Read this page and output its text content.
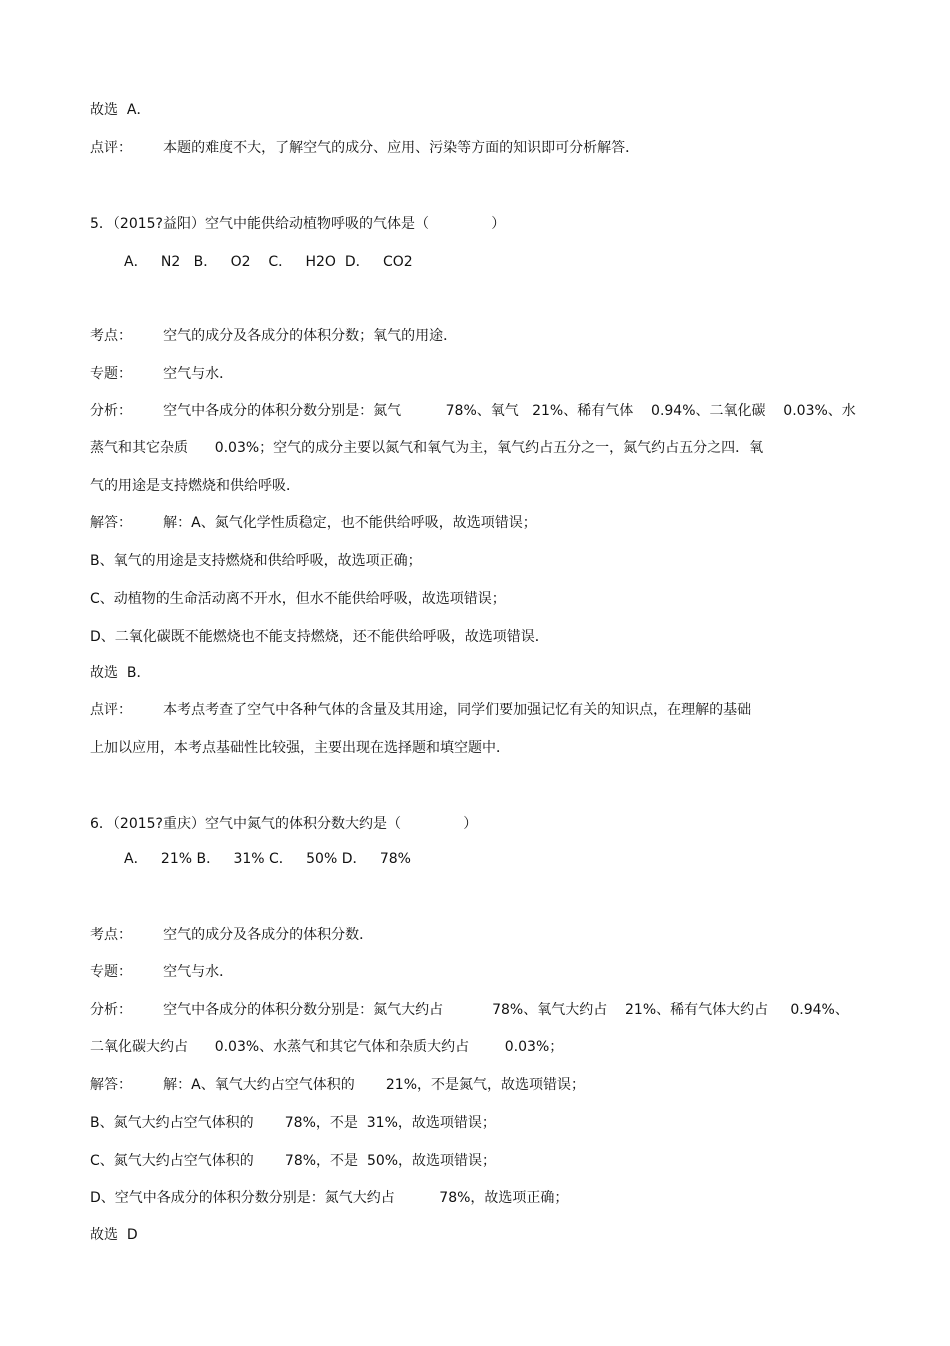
故选  A．
点评：       本题的难度不大，了解空气的成分、应用、污染等方面的知识即可分析解答．
5．（2015?益阳）空气中能供给动植物呼吸的气体是（              ）
A．   N2   B．   O2    C．   H2O  D．   CO2
考点：       空气的成分及各成分的体积分数；氧气的用途．
专题：       空气与水．
分析：       空气中各成分的体积分数分别是：氮气          78%、氧气   21%、稀有气体    0.94%、二氧化碳    0.03%、水
蒸气和其它杂质      0.03%；空气的成分主要以氮气和氧气为主，氧气约占五分之一，氮气约占五分之四．氧
气的用途是支持燃烧和供给呼吸．
解答：       解：A、氮气化学性质稳定，也不能供给呼吸，故选项错误；
B、氧气的用途是支持燃烧和供给呼吸，故选项正确；
C、动植物的生命活动离不开水，但水不能供给呼吸，故选项错误；
D、二氧化碳既不能燃烧也不能支持燃烧，还不能供给呼吸，故选项错误．
故选  B．
点评：       本考点考查了空气中各种气体的含量及其用途，同学们要加强记忆有关的知识点，在理解的基础
上加以应用，本考点基础性比较强，主要出现在选择题和填空题中．
6．（2015?重庆）空气中氮气的体积分数大约是（              ）
A．   21% B．   31% C．   50% D．   78%
考点：       空气的成分及各成分的体积分数．
专题：       空气与水．
分析：       空气中各成分的体积分数分别是：氮气大约占           78%、氧气大约占    21%、稀有气体大约占     0.94%、
二氧化碳大约占      0.03%、水蒸气和其它气体和杂质大约占        0.03%；
解答：       解：A、氧气大约占空气体积的       21%，不是氮气，故选项错误；
B、氮气大约占空气体积的       78%，不是  31%，故选项错误；
C、氮气大约占空气体积的       78%，不是  50%，故选项错误；
D、空气中各成分的体积分数分别是：氮气大约占          78%，故选项正确；
故选  D
